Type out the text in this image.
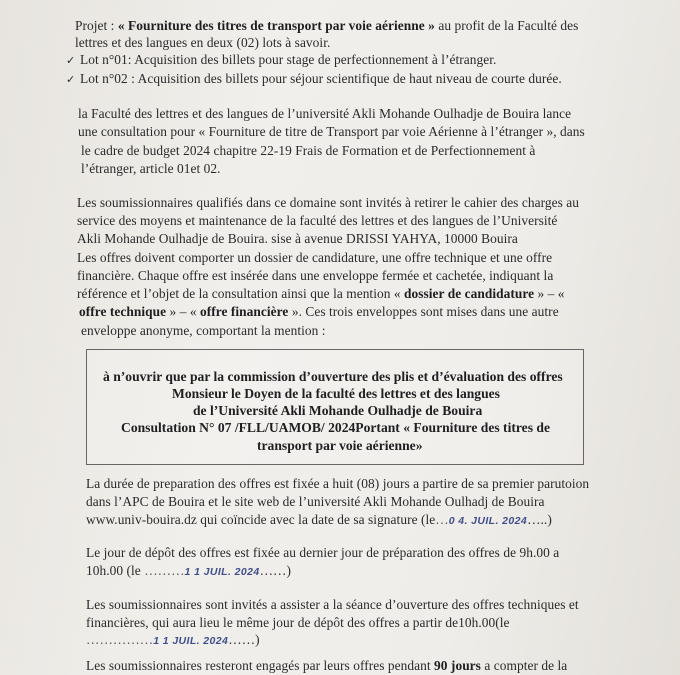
Projet : « Fourniture des titres de transport par voie aérienne » au profit de la Faculté des
lettres et des langues en deux (02) lots à savoir.
✓ Lot n°01: Acquisition des billets pour stage de perfectionnement à l’étranger.
✓ Lot n°02 : Acquisition des billets pour séjour scientifique de haut niveau de courte durée.
la Faculté des lettres et des langues de l’université Akli Mohande Oulhadje de Bouira lance
une consultation pour « Fourniture de titre de Transport par voie Aérienne à l’étranger », dans
le cadre de budget 2024 chapitre 22-19 Frais de Formation et de Perfectionnement à
l’étranger, article 01et 02.
Les soumissionnaires qualifiés dans ce domaine sont invités à retirer le cahier des charges au
service des moyens et maintenance de la faculté des lettres et des langues de l’Université
Akli Mohande Oulhadje de Bouira. sise à avenue DRISSI YAHYA, 10000 Bouira
Les offres doivent comporter un dossier de candidature, une offre technique et une offre
financière. Chaque offre est insérée dans une enveloppe fermée et cachetée, indiquant la
référence et l’objet de la consultation ainsi que la mention « dossier de candidature » – «
offre technique » – « offre financière ». Ces trois enveloppes sont mises dans une autre
enveloppe anonyme, comportant la mention :
à n’ouvrir que par la commission d’ouverture des plis et d’évaluation des offres
Monsieur le Doyen de la faculté des lettres et des langues
de l’Université Akli Mohande Oulhadje de Bouira
Consultation N° 07 /FLL/UAMOB/ 2024Portant « Fourniture des titres de
transport par voie aérienne»
La durée de preparation des offres est fixée a huit (08) jours a partire de sa premier parutoion
dans l’APC de Bouira et le site web de l’université Akli Mohande Oulhadj de Bouira
www.univ-bouira.dz qui coïncide avec la date de sa signature (le…0 4. JUIL. 2024…..)
Le jour de dépôt des offres est fixée au dernier jour de préparation des offres de 9h.00 a
10h.00 (le ………1 1 JUIL. 2024……)
Les soumissionnaires sont invités a assister a la séance d’ouverture des offres techniques et
financières, qui aura lieu le même jour de dépôt des offres a partir de10h.00(le
……………1 1 JUIL. 2024……)
Les soumissionnaires resteront engagés par leurs offres pendant 90 jours a compter de la
